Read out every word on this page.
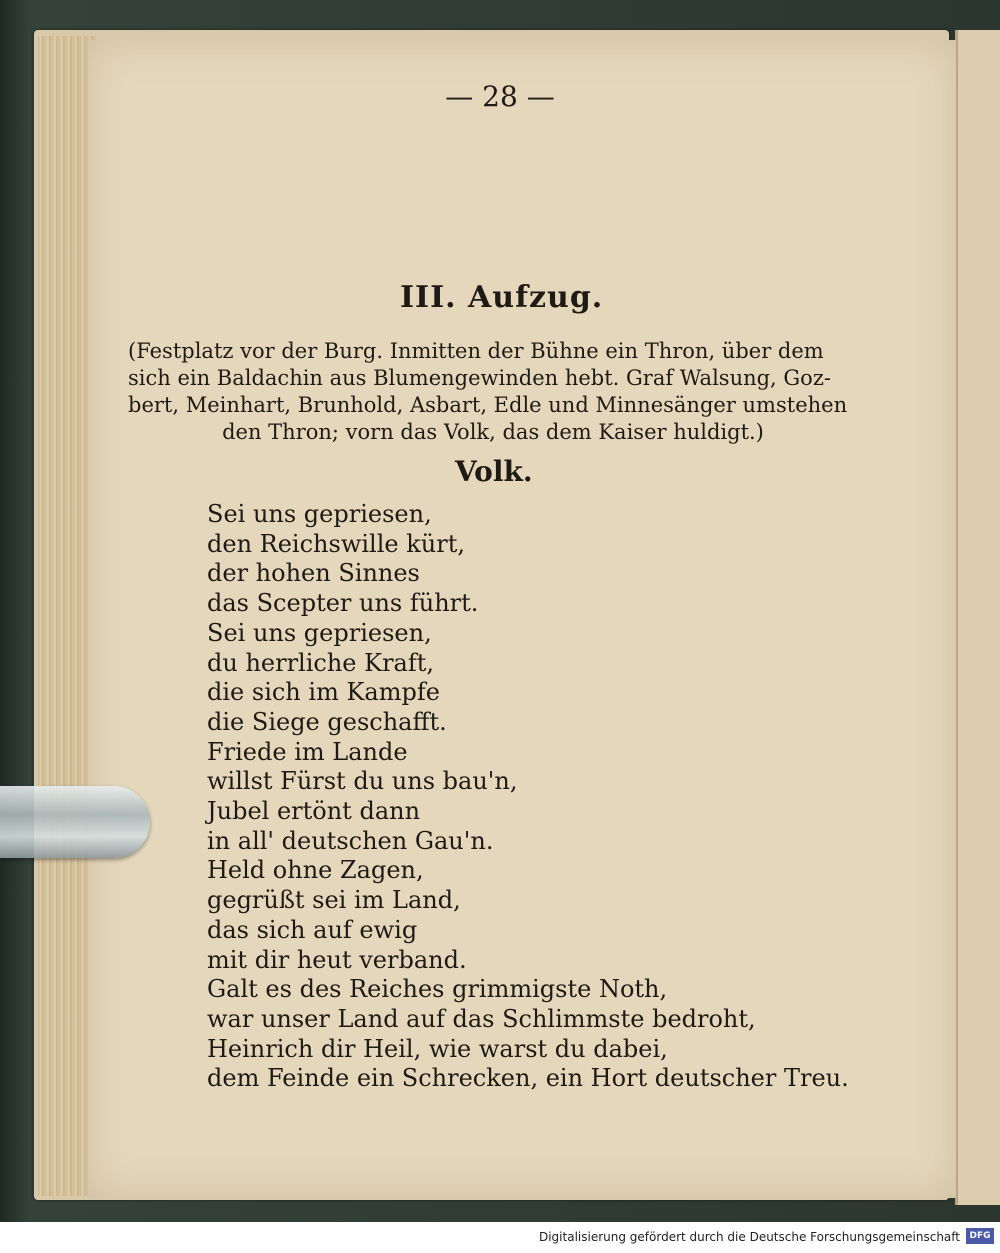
— 28 —
III. Aufzug.
(Festplatz vor der Burg. Inmitten der Bühne ein Thron, über dem
sich ein Baldachin aus Blumengewinden hebt. Graf Walsung, Goz-
bert, Meinhart, Brunhold, Asbart, Edle und Minnesänger umstehen
den Thron; vorn das Volk, das dem Kaiser huldigt.)
Volk.
Sei uns gepriesen,
den Reichswille kürt,
der hohen Sinnes
das Scepter uns führt.
Sei uns gepriesen,
du herrliche Kraft,
die sich im Kampfe
die Siege geschafft.
Friede im Lande
willst Fürst du uns bau'n,
Jubel ertönt dann
in all' deutschen Gau'n.
Held ohne Zagen,
gegrüßt sei im Land,
das sich auf ewig
mit dir heut verband.
Galt es des Reiches grimmigste Noth,
war unser Land auf das Schlimmste bedroht,
Heinrich dir Heil, wie warst du dabei,
dem Feinde ein Schrecken, ein Hort deutscher Treu.
Digitalisierung gefördert durch die Deutsche Forschungsgemeinschaft	DFG
